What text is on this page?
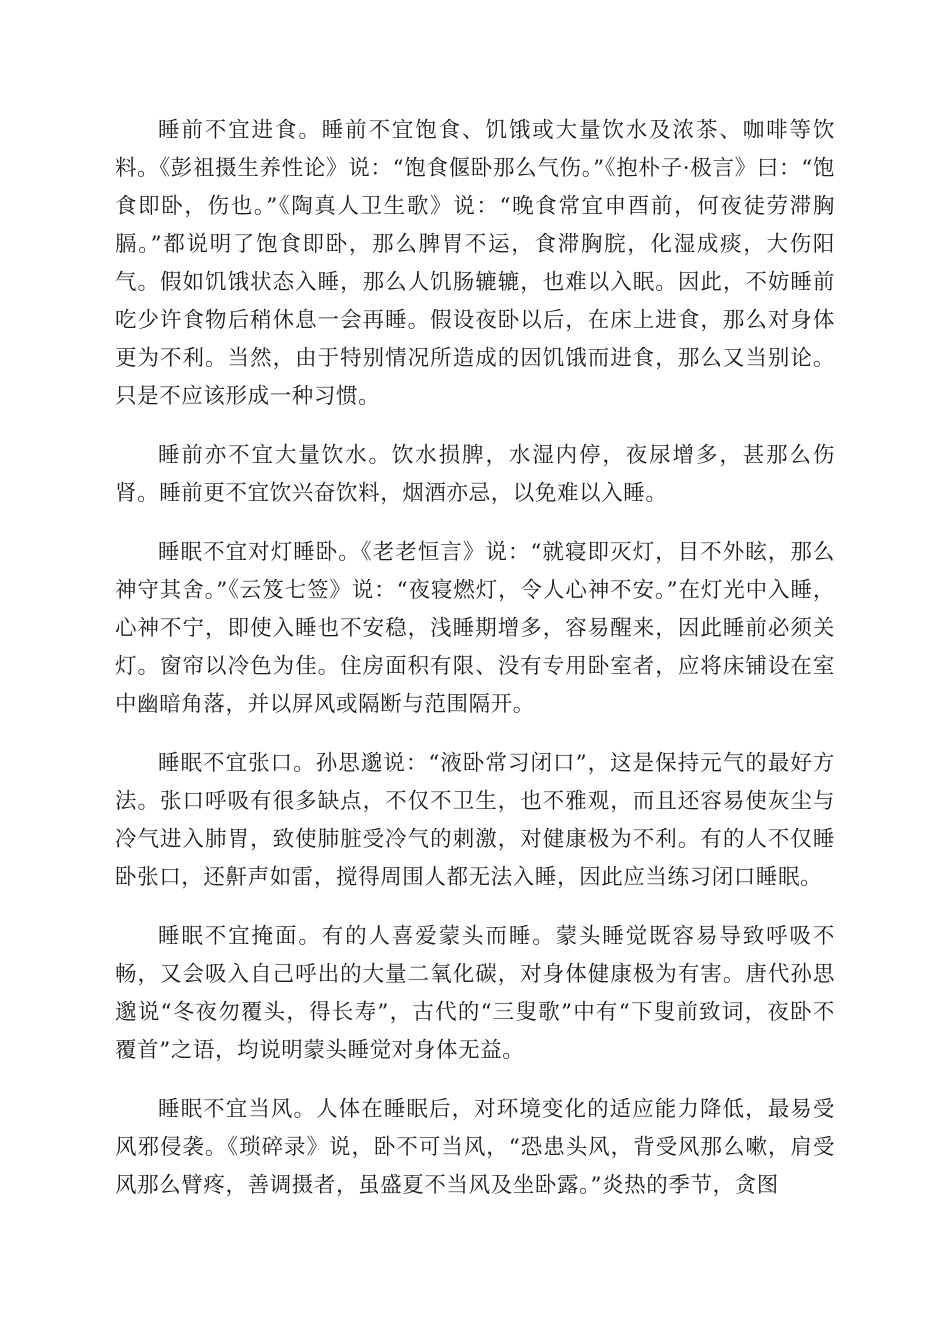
睡前不宜进食。睡前不宜饱食、饥饿或大量饮水及浓茶、咖啡等饮料。《彭祖摄生养性论》说：“饱食偃卧那么气伤。”《抱朴子·极言》曰：“饱食即卧，伤也。”《陶真人卫生歌》说：“晚食常宜申酉前，何夜徒劳滞胸膈。”都说明了饱食即卧，那么脾胃不运，食滞胸脘，化湿成痰，大伤阳气。假如饥饿状态入睡，那么人饥肠辘辘，也难以入眠。因此，不妨睡前吃少许食物后稍休息一会再睡。假设夜卧以后，在床上进食，那么对身体更为不利。当然，由于特别情况所造成的因饥饿而进食，那么又当别论。只是不应该形成一种习惯。

睡前亦不宜大量饮水。饮水损脾，水湿内停，夜尿增多，甚那么伤肾。睡前更不宜饮兴奋饮料，烟酒亦忌，以免难以入睡。

睡眠不宜对灯睡卧。《老老恒言》说：“就寝即灭灯，目不外眩，那么神守其舍。”《云笈七签》说：“夜寝燃灯，令人心神不安。”在灯光中入睡，心神不宁，即使入睡也不安稳，浅睡期增多，容易醒来，因此睡前必须关灯。窗帘以冷色为佳。住房面积有限、没有专用卧室者，应将床铺设在室中幽暗角落，并以屏风或隔断与范围隔开。

睡眠不宜张口。孙思邈说：“液卧常习闭口”，这是保持元气的最好方法。张口呼吸有很多缺点，不仅不卫生，也不雅观，而且还容易使灰尘与冷气进入肺胃，致使肺脏受冷气的刺激，对健康极为不利。有的人不仅睡卧张口，还鼾声如雷，搅得周围人都无法入睡，因此应当练习闭口睡眠。

睡眠不宜掩面。有的人喜爱蒙头而睡。蒙头睡觉既容易导致呼吸不畅，又会吸入自己呼出的大量二氧化碳，对身体健康极为有害。唐代孙思邈说“冬夜勿覆头，得长寿”，古代的“三叟歌”中有“下叟前致词，夜卧不覆首”之语，均说明蒙头睡觉对身体无益。

睡眠不宜当风。人体在睡眠后，对环境变化的适应能力降低，最易受风邪侵袭。《琐碎录》说，卧不可当风，“恐患头风，背受风那么嗽，肩受风那么臂疼，善调摄者，虽盛夏不当风及坐卧露。”炎热的季节，贪图
